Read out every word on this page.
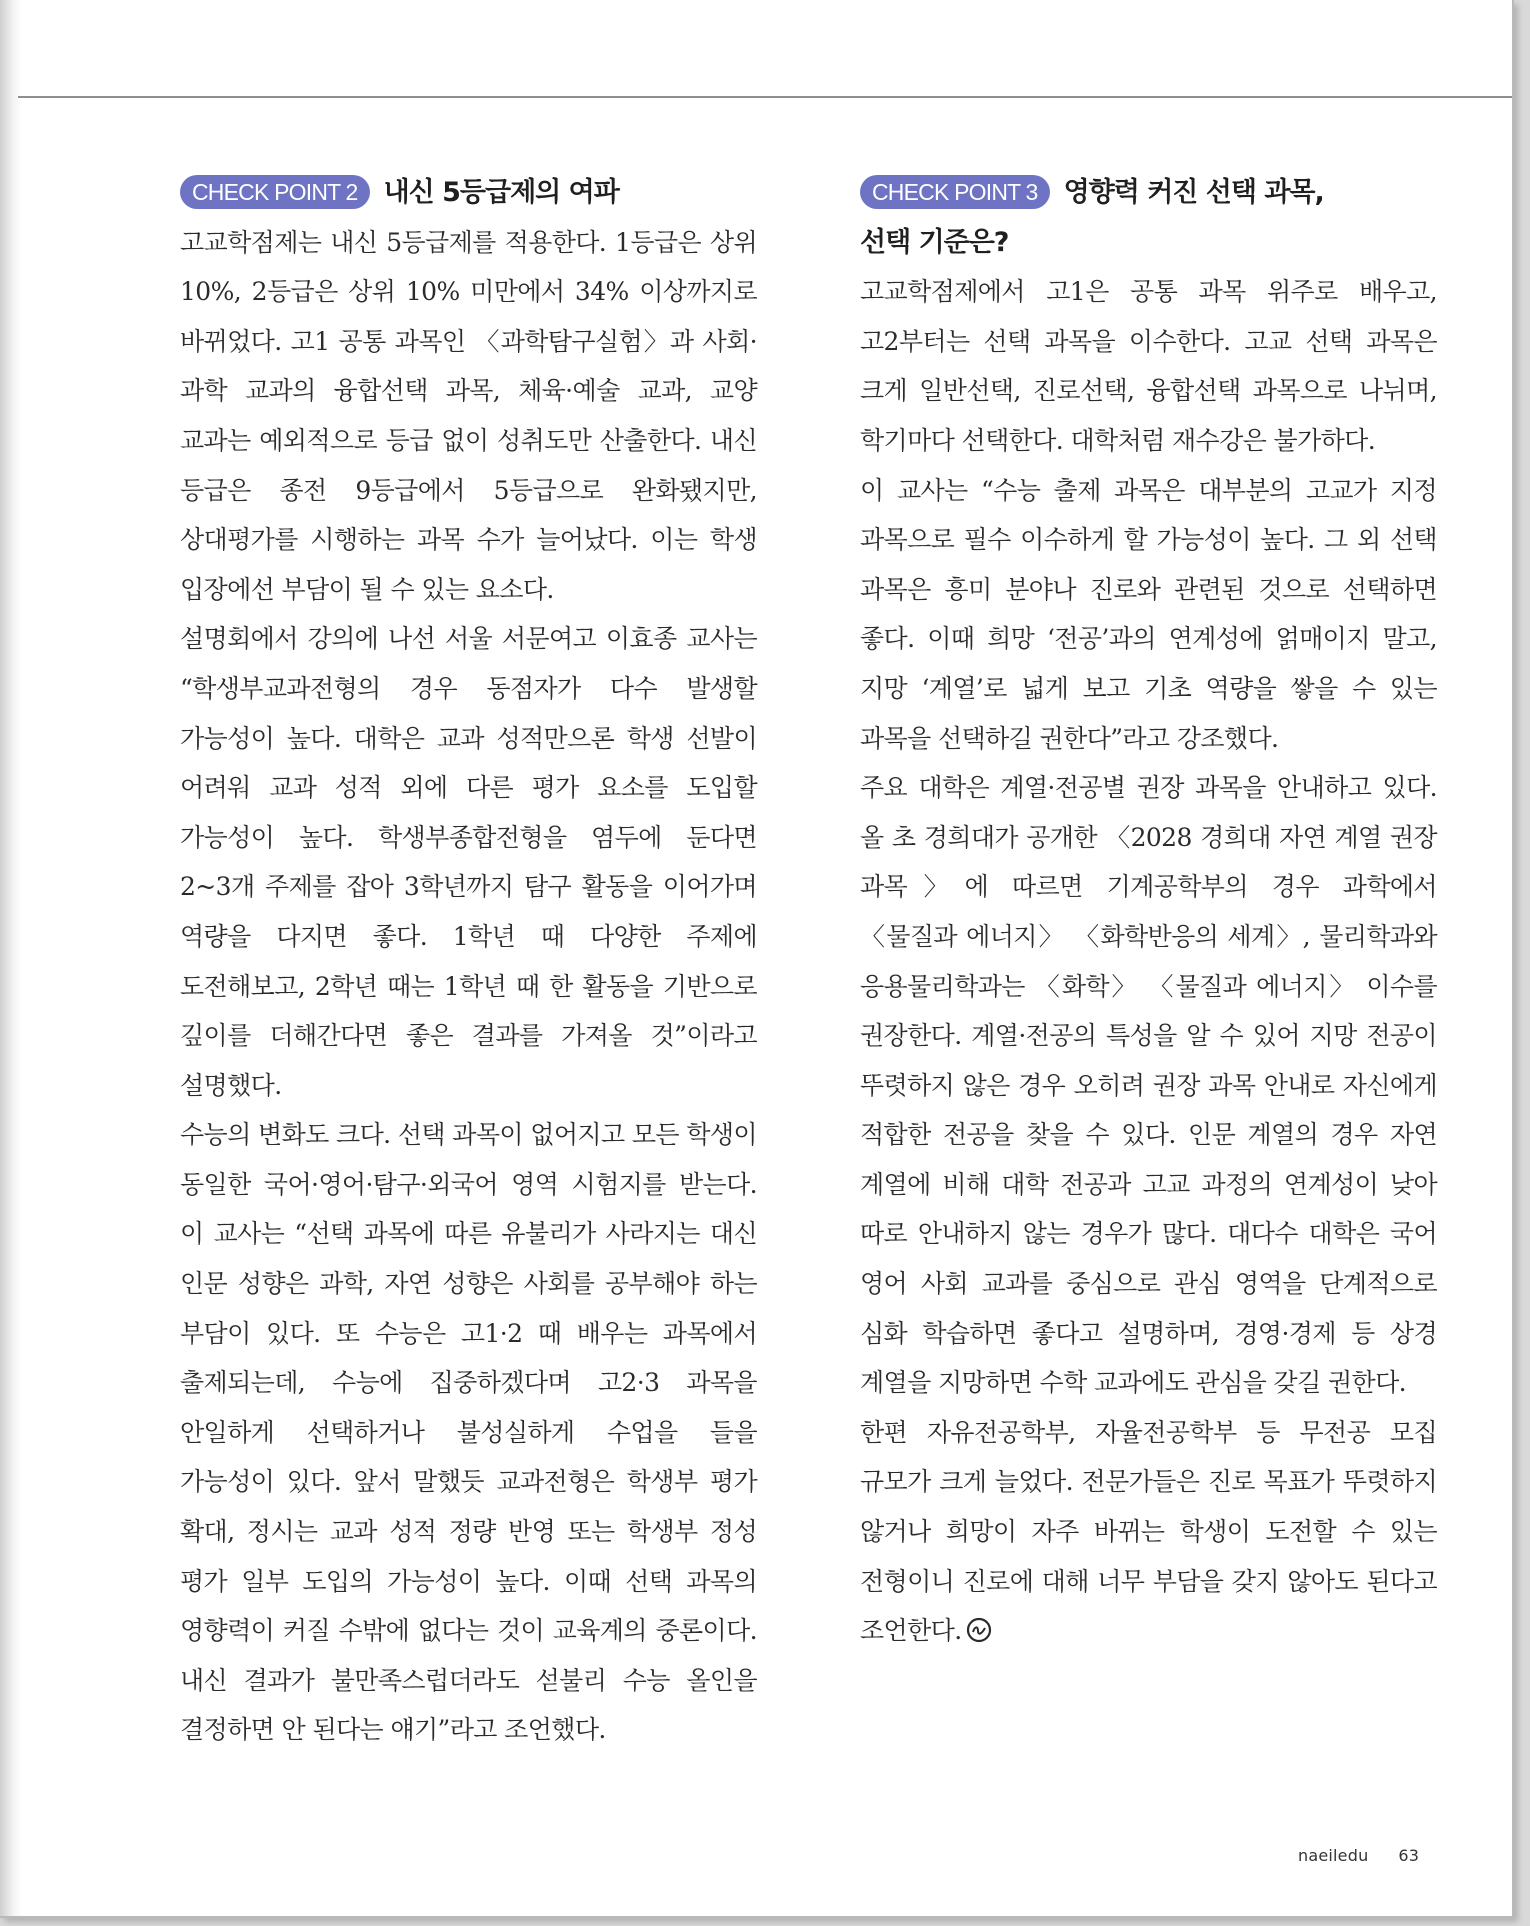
CHECK POINT 2 내신 5등급제의 여파

고교학점제는 내신 5등급제를 적용한다. 1등급은 상위 10%, 2등급은 상위 10% 미만에서 34% 이상까지로 바뀌었다. 고1 공통 과목인 〈과학탐구실험〉과 사회·과학 교과의 융합선택 과목, 체육·예술 교과, 교양 교과는 예외적으로 등급 없이 성취도만 산출한다. 내신 등급은 종전 9등급에서 5등급으로 완화됐지만, 상대평가를 시행하는 과목 수가 늘어났다. 이는 학생 입장에선 부담이 될 수 있는 요소다.

설명회에서 강의에 나선 서울 서문여고 이효종 교사는 “학생부교과전형의 경우 동점자가 다수 발생할 가능성이 높다. 대학은 교과 성적만으론 학생 선발이 어려워 교과 성적 외에 다른 평가 요소를 도입할 가능성이 높다. 학생부종합전형을 염두에 둔다면 2~3개 주제를 잡아 3학년까지 탐구 활동을 이어가며 역량을 다지면 좋다. 1학년 때 다양한 주제에 도전해보고, 2학년 때는 1학년 때 한 활동을 기반으로 깊이를 더해간다면 좋은 결과를 가져올 것”이라고 설명했다.

수능의 변화도 크다. 선택 과목이 없어지고 모든 학생이 동일한 국어·영어·탐구·외국어 영역 시험지를 받는다. 이 교사는 “선택 과목에 따른 유불리가 사라지는 대신 인문 성향은 과학, 자연 성향은 사회를 공부해야 하는 부담이 있다. 또 수능은 고1·2 때 배우는 과목에서 출제되는데, 수능에 집중하겠다며 고2·3 과목을 안일하게 선택하거나 불성실하게 수업을 들을 가능성이 있다. 앞서 말했듯 교과전형은 학생부 평가 확대, 정시는 교과 성적 정량 반영 또는 학생부 정성 평가 일부 도입의 가능성이 높다. 이때 선택 과목의 영향력이 커질 수밖에 없다는 것이 교육계의 중론이다. 내신 결과가 불만족스럽더라도 섣불리 수능 올인을 결정하면 안 된다는 얘기”라고 조언했다.

CHECK POINT 3 영향력 커진 선택 과목,
선택 기준은?

고교학점제에서 고1은 공통 과목 위주로 배우고, 고2부터는 선택 과목을 이수한다. 고교 선택 과목은 크게 일반선택, 진로선택, 융합선택 과목으로 나뉘며, 학기마다 선택한다. 대학처럼 재수강은 불가하다.

이 교사는 “수능 출제 과목은 대부분의 고교가 지정 과목으로 필수 이수하게 할 가능성이 높다. 그 외 선택 과목은 흥미 분야나 진로와 관련된 것으로 선택하면 좋다. 이때 희망 ‘전공’과의 연계성에 얽매이지 말고, 지망 ‘계열’로 넓게 보고 기초 역량을 쌓을 수 있는 과목을 선택하길 권한다”라고 강조했다.

주요 대학은 계열·전공별 권장 과목을 안내하고 있다. 올 초 경희대가 공개한 〈2028 경희대 자연 계열 권장 과목〉에 따르면 기계공학부의 경우 과학에서 〈물질과 에너지〉 〈화학반응의 세계〉, 물리학과와 응용물리학과는 〈화학〉 〈물질과 에너지〉 이수를 권장한다. 계열·전공의 특성을 알 수 있어 지망 전공이 뚜렷하지 않은 경우 오히려 권장 과목 안내로 자신에게 적합한 전공을 찾을 수 있다. 인문 계열의 경우 자연 계열에 비해 대학 전공과 고교 과정의 연계성이 낮아 따로 안내하지 않는 경우가 많다. 대다수 대학은 국어 영어 사회 교과를 중심으로 관심 영역을 단계적으로 심화 학습하면 좋다고 설명하며, 경영·경제 등 상경 계열을 지망하면 수학 교과에도 관심을 갖길 권한다.

한편 자유전공학부, 자율전공학부 등 무전공 모집 규모가 크게 늘었다. 전문가들은 진로 목표가 뚜렷하지 않거나 희망이 자주 바뀌는 학생이 도전할 수 있는 전형이니 진로에 대해 너무 부담을 갖지 않아도 된다고 조언한다.

naeiledu 63
